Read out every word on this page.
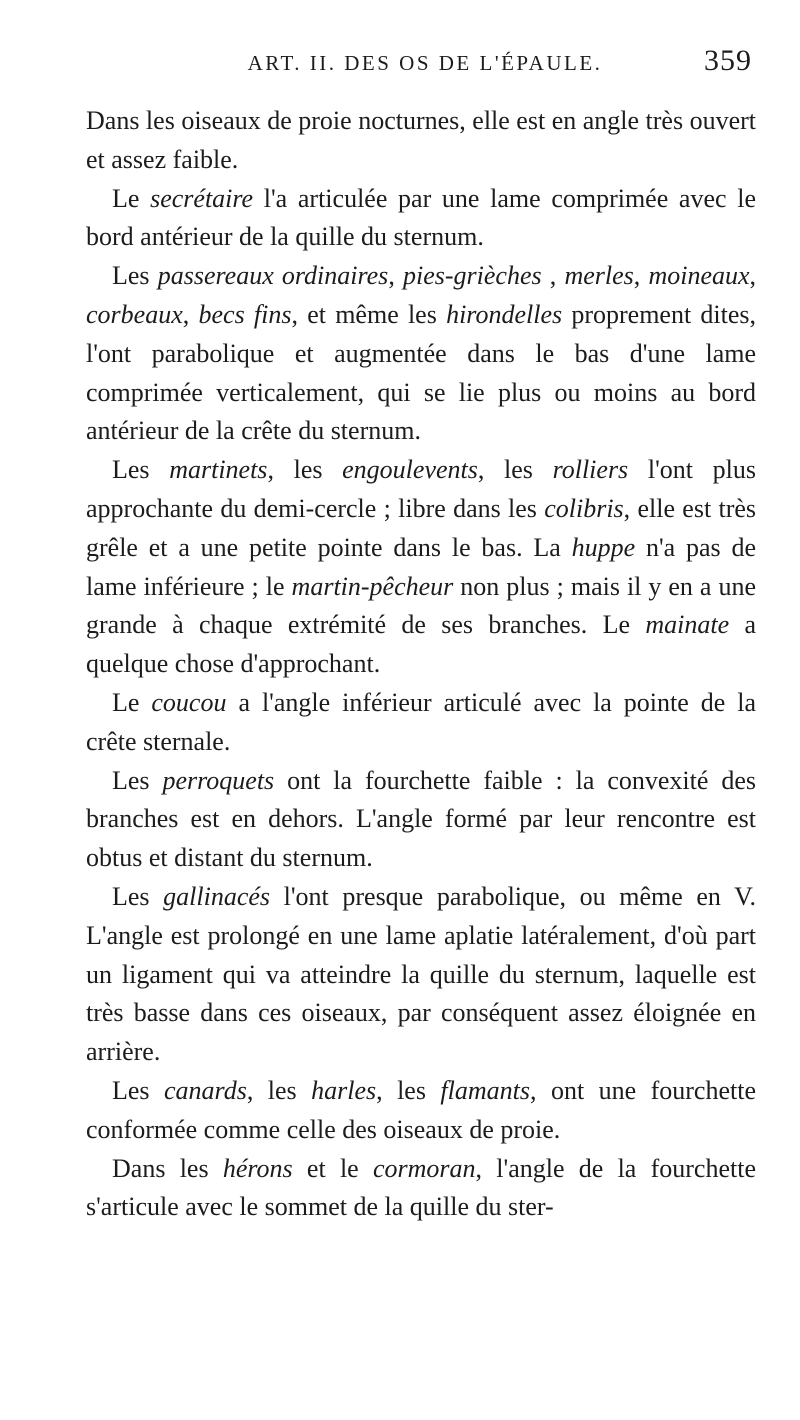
ART. II. DES OS DE L'ÉPAULE.	359

Dans les oiseaux de proie nocturnes, elle est en angle très ouvert et assez faible.

Le secrétaire l'a articulée par une lame comprimée avec le bord antérieur de la quille du sternum.

Les passereaux ordinaires, pies-grièches , merles, moineaux, corbeaux, becs fins, et même les hirondelles proprement dites, l'ont parabolique et augmentée dans le bas d'une lame comprimée verticalement, qui se lie plus ou moins au bord antérieur de la crête du sternum.

Les martinets, les engoulevents, les rolliers l'ont plus approchante du demi-cercle ; libre dans les colibris, elle est très grêle et a une petite pointe dans le bas. La huppe n'a pas de lame inférieure ; le martin-pêcheur non plus ; mais il y en a une grande à chaque extrémité de ses branches. Le mainate a quelque chose d'approchant.

Le coucou a l'angle inférieur articulé avec la pointe de la crête sternale.

Les perroquets ont la fourchette faible : la convexité des branches est en dehors. L'angle formé par leur rencontre est obtus et distant du sternum.

Les gallinacés l'ont presque parabolique, ou même en V. L'angle est prolongé en une lame aplatie latéralement, d'où part un ligament qui va atteindre la quille du sternum, laquelle est très basse dans ces oiseaux, par conséquent assez éloignée en arrière.

Les canards, les harles, les flamants, ont une fourchette conformée comme celle des oiseaux de proie.

Dans les hérons et le cormoran, l'angle de la fourchette s'articule avec le sommet de la quille du ster-
